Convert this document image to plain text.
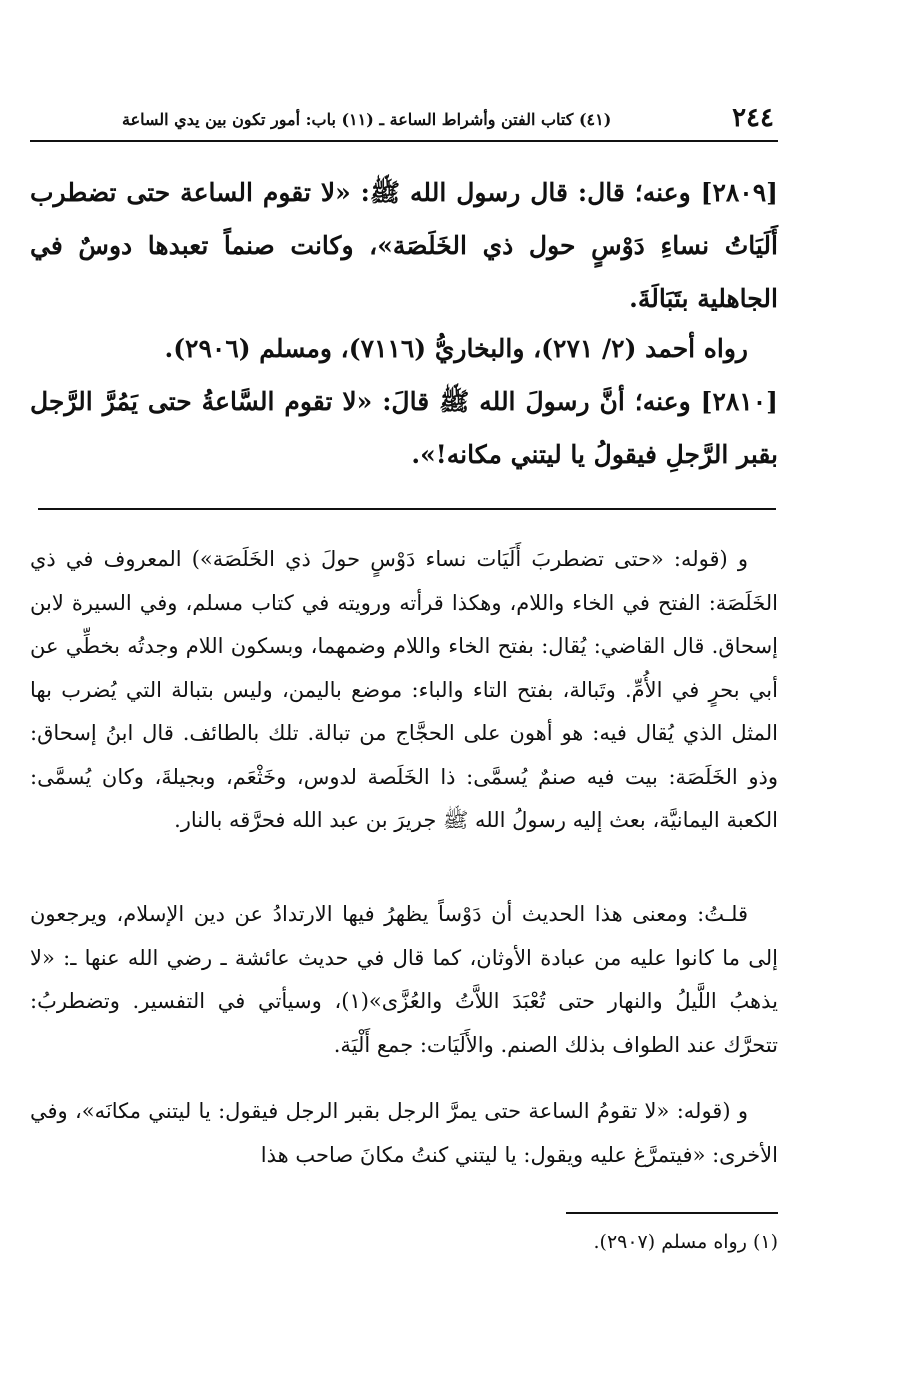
٢٤٤
(٤١) كتاب الفتن وأشراط الساعة ـ (١١) باب: أمور تكون بين يدي الساعة
[٢٨٠٩] وعنه؛ قال: قال رسول الله ﷺ: «لا تقوم الساعة حتى تضطرب أَلَيَاتُ نساءِ دَوْسٍ حول ذي الخَلَصَة»، وكانت صنماً تعبدها دوسٌ في الجاهلية بتَبَالَةَ.
رواه أحمد (٢/ ٢٧١)، والبخاريُّ (٧١١٦)، ومسلم (٢٩٠٦).
[٢٨١٠] وعنه؛ أنَّ رسولَ الله ﷺ قالَ: «لا تقوم السَّاعةُ حتى يَمُرَّ الرَّجل بقبر الرَّجلِ فيقولُ يا ليتني مكانه!».
و (قوله: «حتى تضطربَ أَلَيَات نساء دَوْسٍ حولَ ذي الخَلَصَة») المعروف في ذي الخَلَصَة: الفتح في الخاء واللام، وهكذا قرأته ورويته في كتاب مسلم، وفي السيرة لابن إسحاق. قال القاضي: يُقال: بفتح الخاء واللام وضمهما، وبسكون اللام وجدتُه بخطِّي عن أبي بحرٍ في الأُمِّ. وتَبالة، بفتح التاء والباء: موضع باليمن، وليس بتبالة التي يُضرب بها المثل الذي يُقال فيه: هو أهون على الحجَّاج من تبالة. تلك بالطائف. قال ابنُ إسحاق: وذو الخَلَصَة: بيت فيه صنمٌ يُسمَّى: ذا الخَلَصة لدوس، وخَثْعَم، وبجيلةَ، وكان يُسمَّى: الكعبة اليمانيَّة، بعث إليه رسولُ الله ﷺ جريرَ بن عبد الله فحرَّقه بالنار.
قلـتُ: ومعنى هذا الحديث أن دَوْساً يظهرُ فيها الارتدادُ عن دين الإسلام، ويرجعون إلى ما كانوا عليه من عبادة الأوثان، كما قال في حديث عائشة ـ رضي الله عنها ـ: «لا يذهبُ اللَّيلُ والنهار حتى تُعْبَدَ اللاَّتُ والعُزَّى»(١)، وسيأتي في التفسير. وتضطربُ: تتحرَّك عند الطواف بذلك الصنم. والأَلَيَات: جمع أَلْيَة.
و (قوله: «لا تقومُ الساعة حتى يمرَّ الرجل بقبر الرجل فيقول: يا ليتني مكانَه»، وفي الأخرى: «فيتمرَّغ عليه ويقول: يا ليتني كنتُ مكانَ صاحب هذا
(١) رواه مسلم (٢٩٠٧).
